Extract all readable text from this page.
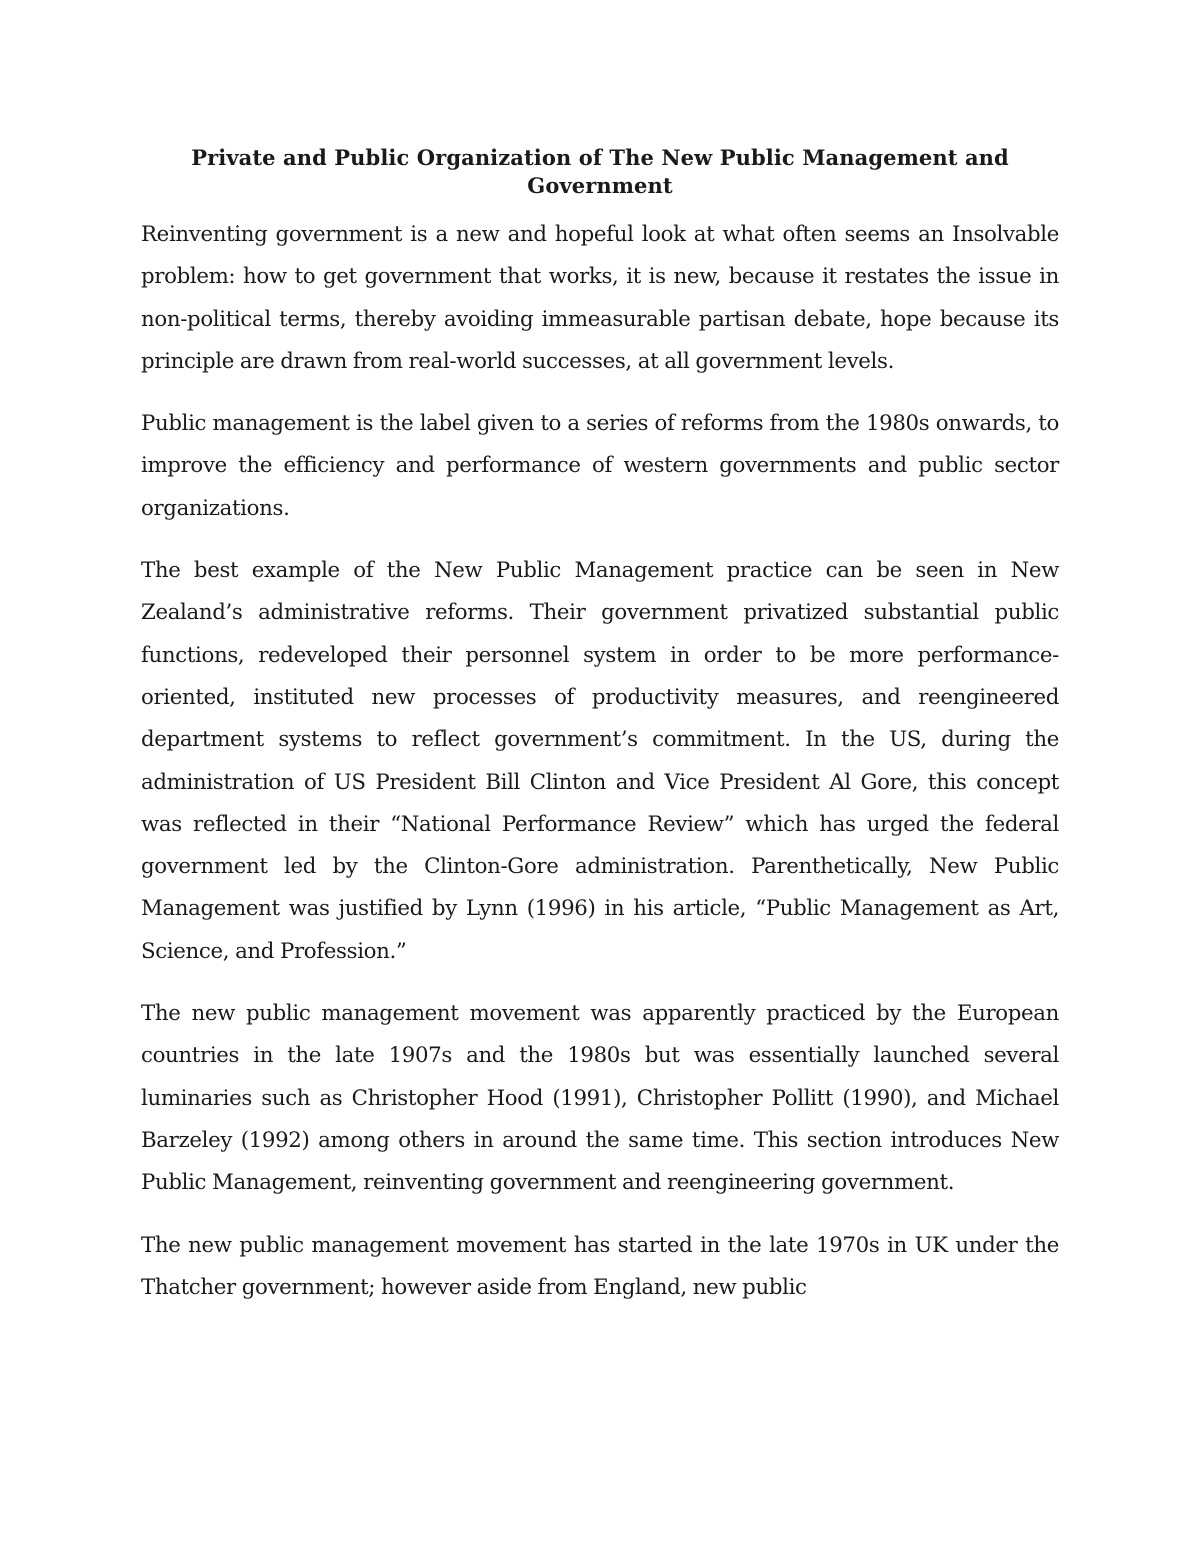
Private and Public Organization of The New Public Management and Government

Reinventing government is a new and hopeful look at what often seems an Insolvable problem: how to get government that works, it is new, because it restates the issue in non-political terms, thereby avoiding immeasurable partisan debate, hope because its principle are drawn from real-world successes, at all government levels.

Public management is the label given to a series of reforms from the 1980s onwards, to improve the efficiency and performance of western governments and public sector organizations.

The best example of the New Public Management practice can be seen in New Zealand’s administrative reforms. Their government privatized substantial public functions, redeveloped their personnel system in order to be more performance-oriented, instituted new processes of productivity measures, and reengineered department systems to reflect government’s commitment. In the US, during the administration of US President Bill Clinton and Vice President Al Gore, this concept was reflected in their “National Performance Review” which has urged the federal government led by the Clinton-Gore administration. Parenthetically, New Public Management was justified by Lynn (1996) in his article, “Public Management as Art, Science, and Profession.”

The new public management movement was apparently practiced by the European countries in the late 1907s and the 1980s but was essentially launched several luminaries such as Christopher Hood (1991), Christopher Pollitt (1990), and Michael Barzeley (1992) among others in around the same time. This section introduces New Public Management, reinventing government and reengineering government.

The new public management movement has started in the late 1970s in UK under the Thatcher government; however aside from England, new public
